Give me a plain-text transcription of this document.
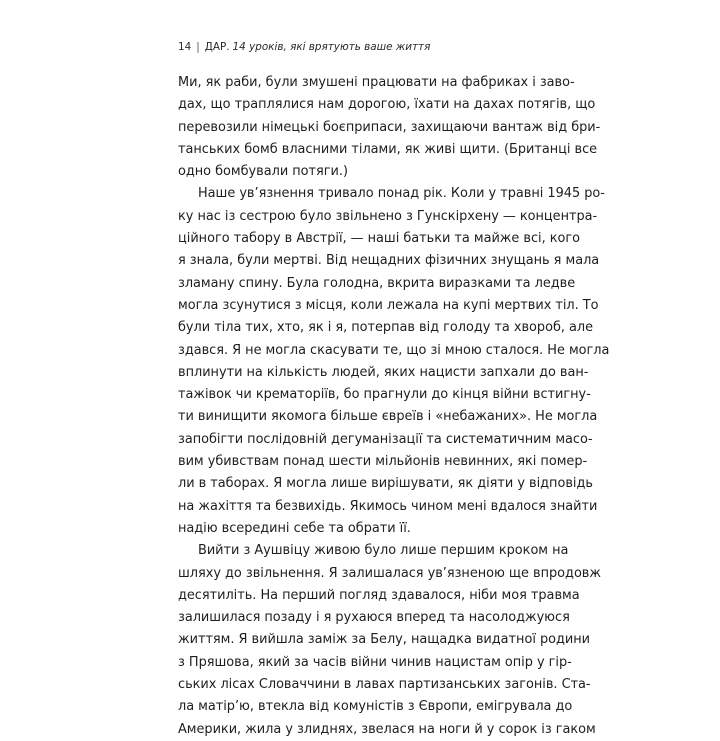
14 | ДАР. 14 уроків, які врятують ваше життя
Ми, як раби, були змушені працювати на фабриках і заво-
дах, що траплялися нам дорогою, їхати на дахах потягів, що
перевозили німецькі боєприпаси, захищаючи вантаж від бри-
танських бомб власними тілами, як живі щити. (Британці все
одно бомбували потяги.)
Наше ув’язнення тривало понад рік. Коли у травні 1945 ро-
ку нас із сестрою було звільнено з Гунскірхену — концентра-
ційного табору в Австрії, — наші батьки та майже всі, кого
я знала, були мертві. Від нещадних фізичних знущань я мала
зламану спину. Була голодна, вкрита виразками та ледве
могла зсунутися з місця, коли лежала на купі мертвих тіл. То
були тіла тих, хто, як і я, потерпав від голоду та хвороб, але
здався. Я не могла скасувати те, що зі мною сталося. Не могла
вплинути на кількість людей, яких нацисти запхали до ван-
тажівок чи крематоріїв, бо прагнули до кінця війни встигну-
ти винищити якомога більше євреїв і «небажаних». Не могла
запобігти послідовній дегуманізації та систематичним масо-
вим убивствам понад шести мільйонів невинних, які помер-
ли в таборах. Я могла лише вирішувати, як діяти у відповідь
на жахіття та безвихідь. Якимось чином мені вдалося знайти
надію всередині себе та обрати її.
Вийти з Аушвіцу живою було лише першим кроком на
шляху до звільнення. Я залишалася ув’язненою ще впродовж
десятиліть. На перший погляд здавалося, ніби моя травма
залишилася позаду і я рухаюся вперед та насолоджуюся
життям. Я вийшла заміж за Белу, нащадка видатної родини
з Пряшова, який за часів війни чинив нацистам опір у гір-
ських лісах Словаччини в лавах партизанських загонів. Ста-
ла матір’ю, втекла від комуністів з Європи, емігрувала до
Америки, жила у злиднях, звелася на ноги й у сорок із гаком
